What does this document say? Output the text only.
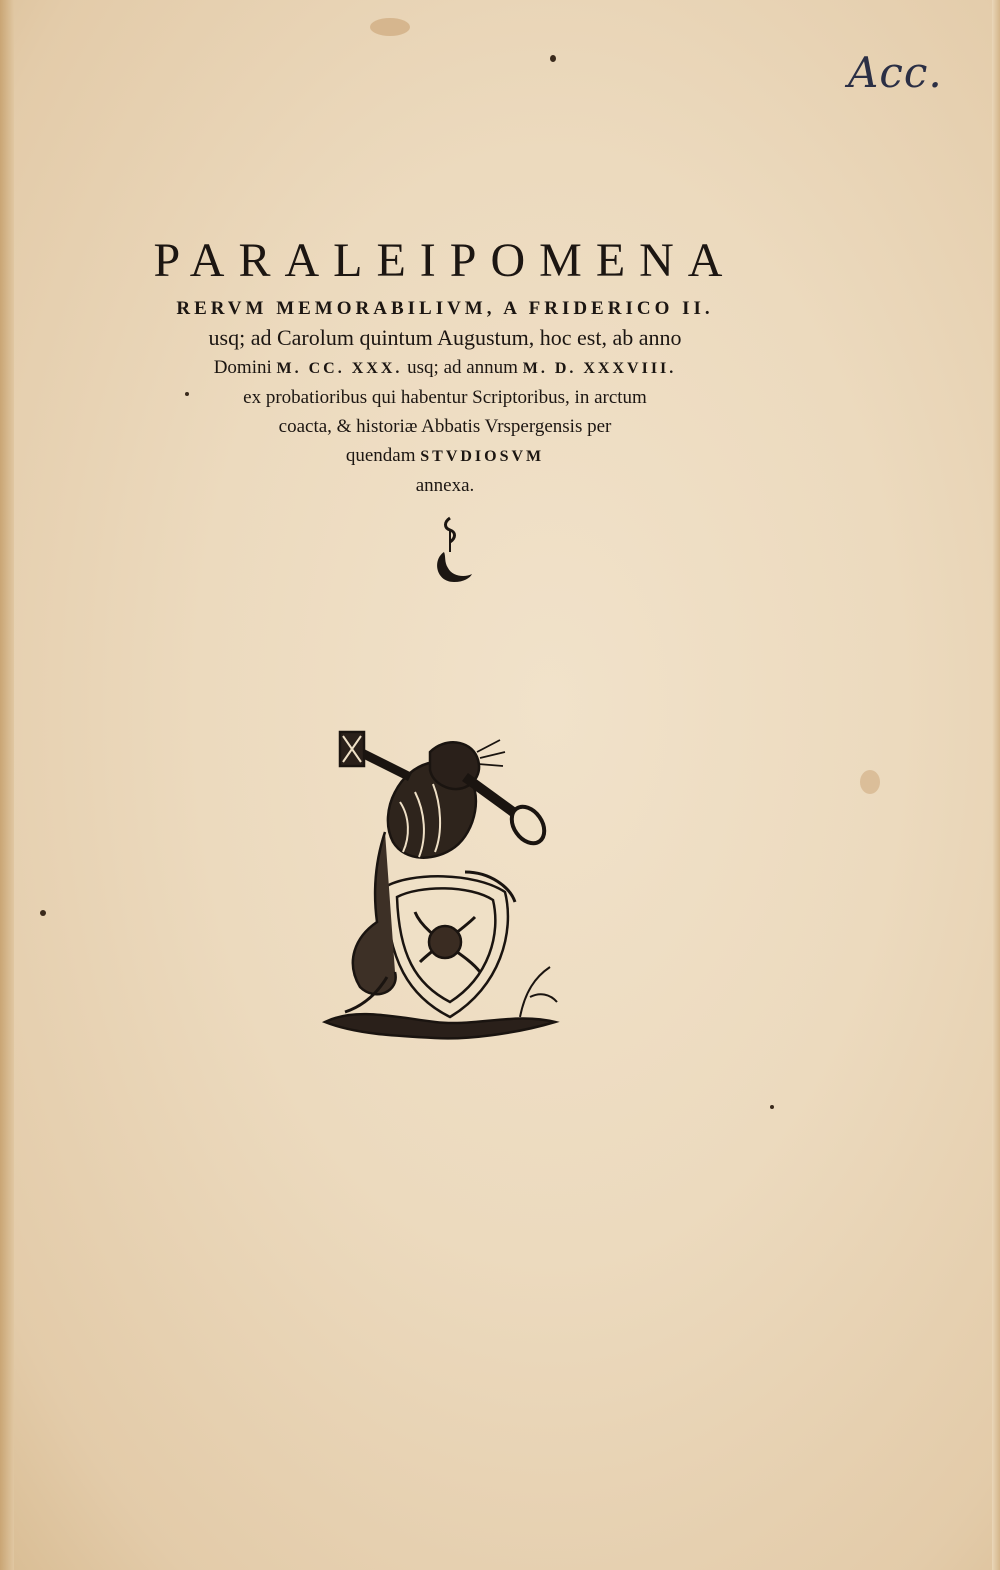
Acc.
PARALEIPOMENA
RERVM MEMORABILIVM, A FRIDERICO II.
usq; ad Carolum quintum Augustum, hoc est, ab anno
Domini M. CC. XXX. usq; ad annum M. D. XXXVIII.
ex probatioribus qui habentur Scriptoribus, in arctum
coacta, & historiæ Abbatis Vrspergensis per
quendam STVDIOSVM
annexa.
